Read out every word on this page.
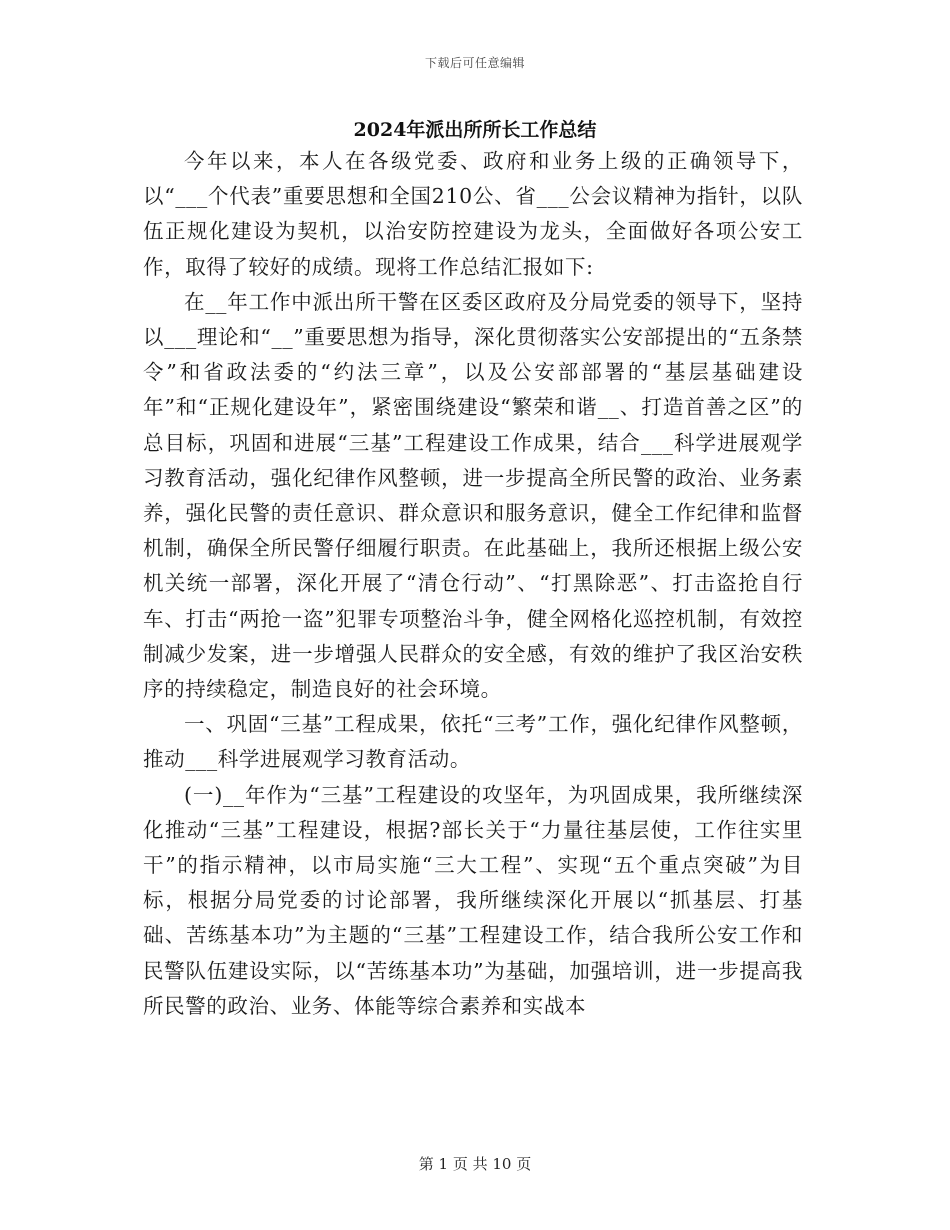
下载后可任意编辑
2024年派出所所长工作总结

今年以来，本人在各级党委、政府和业务上级的正确领导下，以“___个代表”重要思想和全国210公、省___公会议精神为指针，以队伍正规化建设为契机，以治安防控建设为龙头，全面做好各项公安工作，取得了较好的成绩。现将工作总结汇报如下:

在__年工作中派出所干警在区委区政府及分局党委的领导下，坚持以___理论和“__”重要思想为指导，深化贯彻落实公安部提出的“五条禁令”和省政法委的“约法三章”，以及公安部部署的“基层基础建设年”和“正规化建设年”，紧密围绕建设“繁荣和谐__、打造首善之区”的总目标，巩固和进展“三基”工程建设工作成果，结合___科学进展观学习教育活动，强化纪律作风整顿，进一步提高全所民警的政治、业务素养，强化民警的责任意识、群众意识和服务意识，健全工作纪律和监督机制，确保全所民警仔细履行职责。在此基础上，我所还根据上级公安机关统一部署，深化开展了“清仓行动”、“打黑除恶”、打击盗抢自行车、打击“两抢一盗”犯罪专项整治斗争，健全网格化巡控机制，有效控制减少发案，进一步增强人民群众的安全感，有效的维护了我区治安秩序的持续稳定，制造良好的社会环境。

一、巩固“三基”工程成果，依托“三考”工作，强化纪律作风整顿，推动___科学进展观学习教育活动。

(一)__年作为“三基”工程建设的攻坚年，为巩固成果，我所继续深化推动“三基”工程建设，根据?部长关于“力量往基层使，工作往实里干”的指示精神，以市局实施“三大工程”、实现“五个重点突破”为目标，根据分局党委的讨论部署，我所继续深化开展以“抓基层、打基础、苦练基本功”为主题的“三基”工程建设工作，结合我所公安工作和民警队伍建设实际，以“苦练基本功”为基础，加强培训，进一步提高我所民警的政治、业务、体能等综合素养和实战本

第 1 页 共 10 页
